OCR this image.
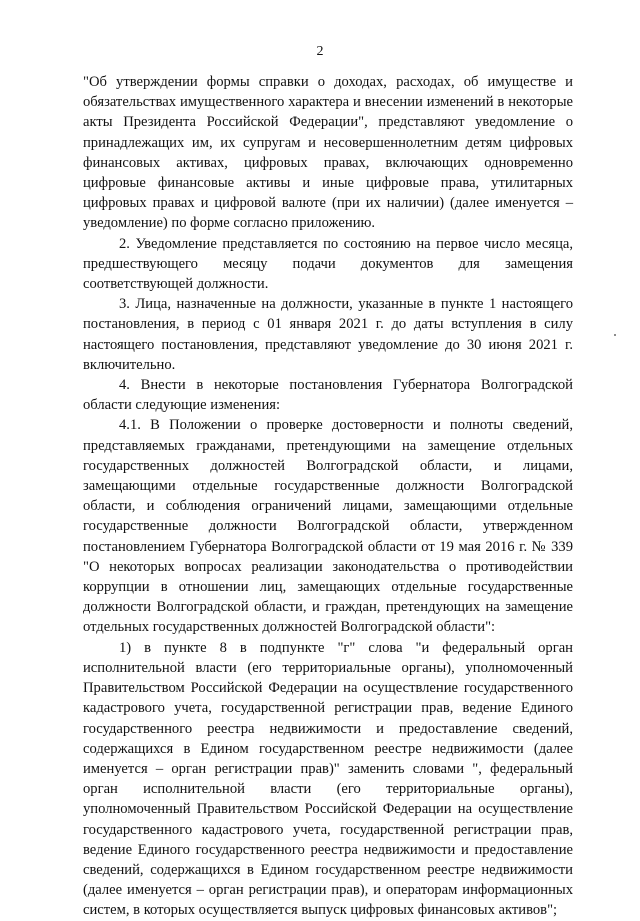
2

"Об утверждении формы справки о доходах, расходах, об имуществе и обязательствах имущественного характера и внесении изменений в некоторые акты Президента Российской Федерации", представляют уведомление о принадлежащих им, их супругам и несовершеннолетним детям цифровых финансовых активах, цифровых правах, включающих одновременно цифровые финансовые активы и иные цифровые права, утилитарных цифровых правах и цифровой валюте (при их наличии) (далее именуется – уведомление) по форме согласно приложению.

2. Уведомление представляется по состоянию на первое число месяца, предшествующего месяцу подачи документов для замещения соответствующей должности.

3. Лица, назначенные на должности, указанные в пункте 1 настоящего постановления, в период с 01 января 2021 г. до даты вступления в силу настоящего постановления, представляют уведомление до 30 июня 2021 г. включительно.

4. Внести в некоторые постановления Губернатора Волгоградской области следующие изменения:

4.1. В Положении о проверке достоверности и полноты сведений, представляемых гражданами, претендующими на замещение отдельных государственных должностей Волгоградской области, и лицами, замещающими отдельные государственные должности Волгоградской области, и соблюдения ограничений лицами, замещающими отдельные государственные должности Волгоградской области, утвержденном постановлением Губернатора Волгоградской области от 19 мая 2016 г. № 339 "О некоторых вопросах реализации законодательства о противодействии коррупции в отношении лиц, замещающих отдельные государственные должности Волгоградской области, и граждан, претендующих на замещение отдельных государственных должностей Волгоградской области":

1) в пункте 8 в подпункте "г" слова "и федеральный орган исполнительной власти (его территориальные органы), уполномоченный Правительством Российской Федерации на осуществление государственного кадастрового учета, государственной регистрации прав, ведение Единого государственного реестра недвижимости и предоставление сведений, содержащихся в Едином государственном реестре недвижимости (далее именуется – орган регистрации прав)" заменить словами ", федеральный орган исполнительной власти (его территориальные органы), уполномоченный Правительством Российской Федерации на осуществление государственного кадастрового учета, государственной регистрации прав, ведение Единого государственного реестра недвижимости и предоставление сведений, содержащихся в Едином государственном реестре недвижимости (далее именуется – орган регистрации прав), и операторам информационных систем, в которых осуществляется выпуск цифровых финансовых активов";
